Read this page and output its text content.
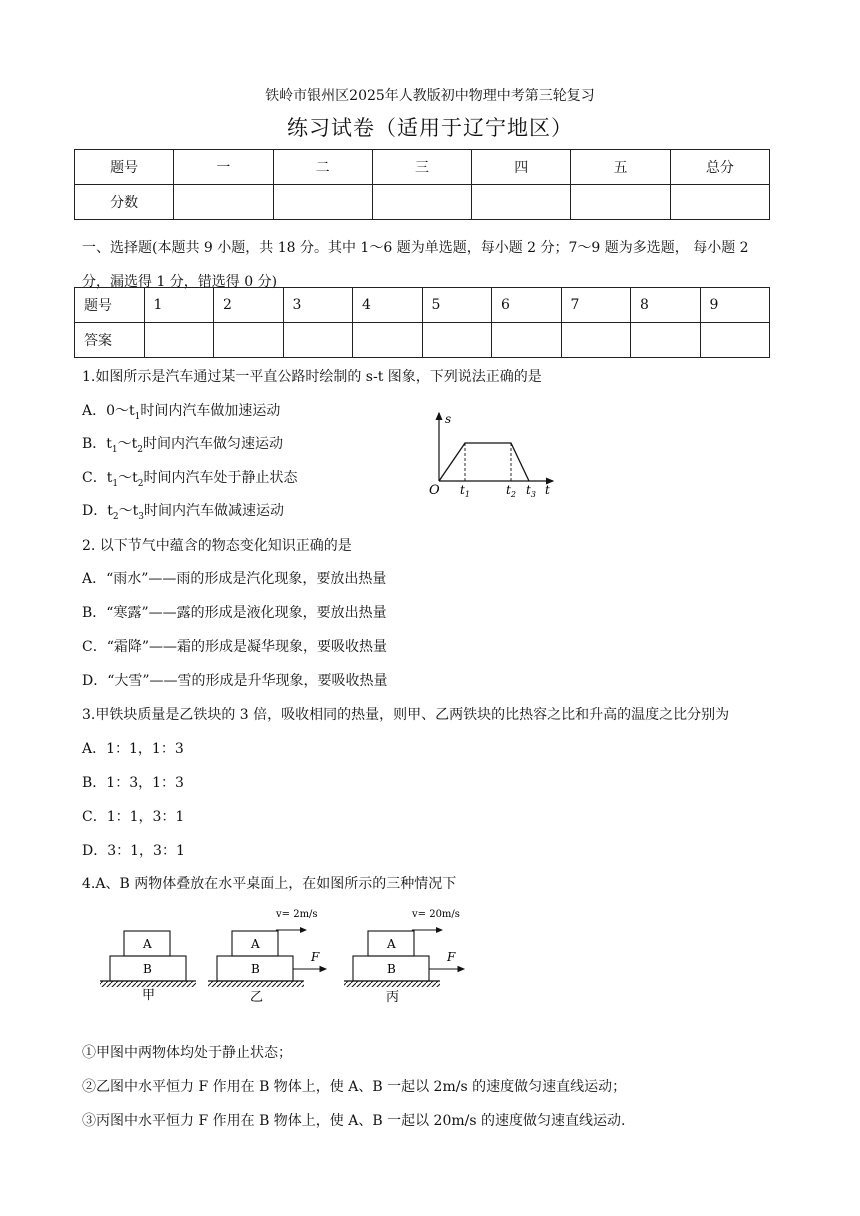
铁岭市银州区2025年人教版初中物理中考第三轮复习
练习试卷（适用于辽宁地区）
题号	一	二	三	四	五	总分
分数						
一、选择题(本题共 9 小题，共 18 分。其中 1～6 题为单选题，每小题 2 分；7～9 题为多选题， 每小题 2
分，漏选得 1 分，错选得 0 分)
题号	1	2	3	4	5	6	7	8	9
答案									
1.如图所示是汽车通过某一平直公路时绘制的 s-t 图象，下列说法正确的是
A．$0\sim t_1$时间内汽车做加速运动
B．$t_1\sim t_2$时间内汽车做匀速运动
C．$t_1\sim t_2$时间内汽车处于静止状态
D．$t_2\sim t_3$时间内汽车做减速运动
s
O $t_1$	$t_2$ $t_3$ t
2. 以下节气中蕴含的物态变化知识正确的是
A．“雨水”——雨的形成是汽化现象，要放出热量
B．“寒露”——露的形成是液化现象，要放出热量
C．“霜降”——霜的形成是凝华现象，要吸收热量
D．“大雪”——雪的形成是升华现象，要吸收热量
3.甲铁块质量是乙铁块的 3 倍，吸收相同的热量，则甲、乙两铁块的比热容之比和升高的温度之比分别为
A．1：1，1：3
B．1：3，1：3
C．1：1，3：1
D．3：1，3：1
4.A、B 两物体叠放在水平桌面上，在如图所示的三种情况下
A
B
甲
A
B
v= 2m/s
F
乙
A
B
v= 20m/s
F
丙
①甲图中两物体均处于静止状态；
②乙图中水平恒力 F 作用在 B 物体上，使 A、B 一起以 2m/s 的速度做匀速直线运动；
③丙图中水平恒力 F 作用在 B 物体上，使 A、B 一起以 20m/s 的速度做匀速直线运动.
